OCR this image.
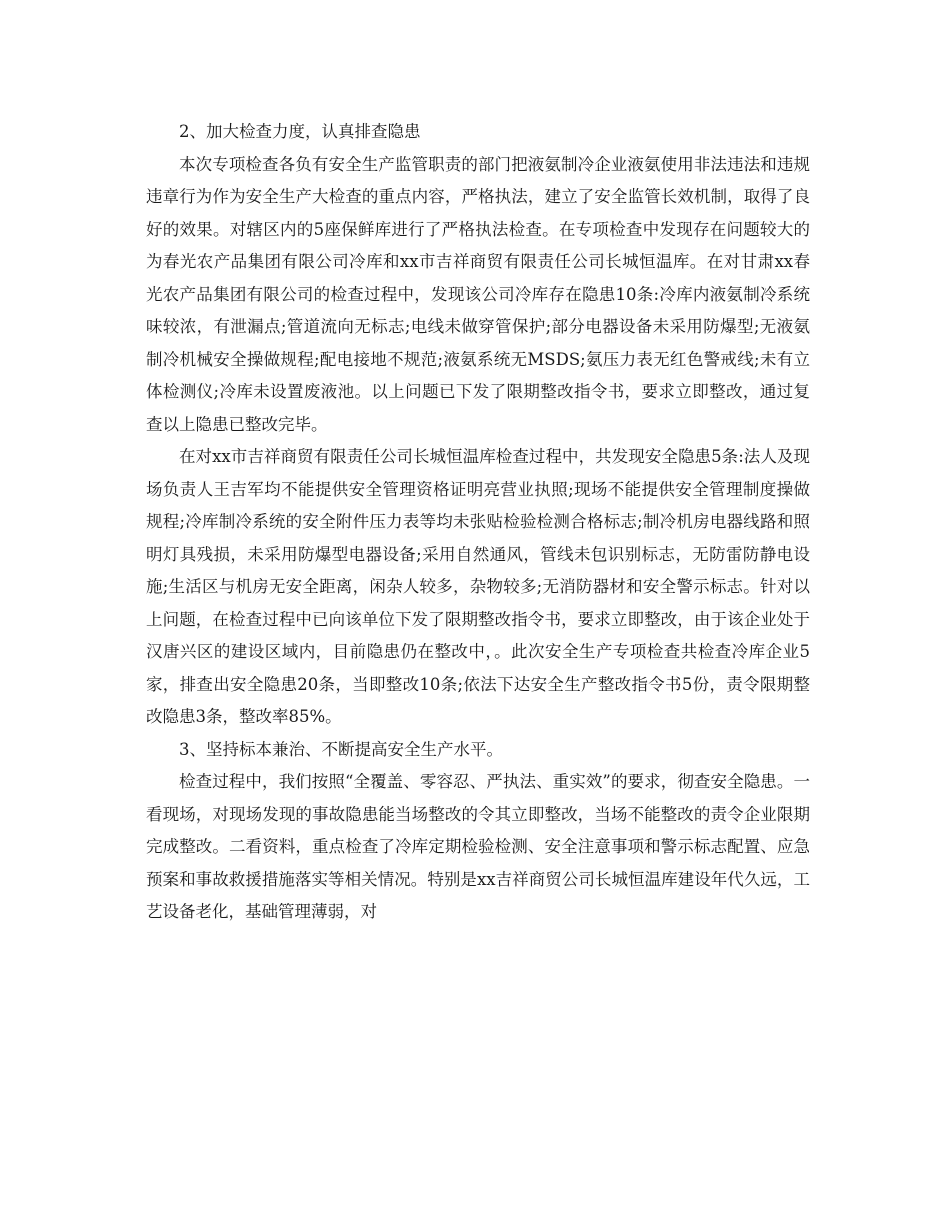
2、加大检查力度，认真排查隐患

本次专项检查各负有安全生产监管职责的部门把液氨制冷企业液氨使用非法违法和违规违章行为作为安全生产大检查的重点内容，严格执法，建立了安全监管长效机制，取得了良好的效果。对辖区内的5座保鲜库进行了严格执法检查。在专项检查中发现存在问题较大的为春光农产品集团有限公司冷库和xx市吉祥商贸有限责任公司长城恒温库。在对甘肃xx春光农产品集团有限公司的检查过程中，发现该公司冷库存在隐患10条:冷库内液氨制冷系统味较浓，有泄漏点;管道流向无标志;电线未做穿管保护;部分电器设备未采用防爆型;无液氨制冷机械安全操做规程;配电接地不规范;液氨系统无MSDS;氨压力表无红色警戒线;未有立体检测仪;冷库未设置废液池。以上问题已下发了限期整改指令书，要求立即整改，通过复查以上隐患已整改完毕。

在对xx市吉祥商贸有限责任公司长城恒温库检查过程中，共发现安全隐患5条:法人及现场负责人王吉军均不能提供安全管理资格证明亮营业执照;现场不能提供安全管理制度操做规程;冷库制冷系统的安全附件压力表等均未张贴检验检测合格标志;制冷机房电器线路和照明灯具残损，未采用防爆型电器设备;采用自然通风，管线未包识别标志，无防雷防静电设施;生活区与机房无安全距离，闲杂人较多，杂物较多;无消防器材和安全警示标志。针对以上问题，在检查过程中已向该单位下发了限期整改指令书，要求立即整改，由于该企业处于汉唐兴区的建设区域内，目前隐患仍在整改中，。此次安全生产专项检查共检查冷库企业5家，排查出安全隐患20条，当即整改10条;依法下达安全生产整改指令书5份，责令限期整改隐患3条，整改率85%。

3、坚持标本兼治、不断提高安全生产水平。

检查过程中，我们按照“全覆盖、零容忍、严执法、重实效”的要求，彻查安全隐患。一看现场，对现场发现的事故隐患能当场整改的令其立即整改，当场不能整改的责令企业限期完成整改。二看资料，重点检查了冷库定期检验检测、安全注意事项和警示标志配置、应急预案和事故救援措施落实等相关情况。特别是xx吉祥商贸公司长城恒温库建设年代久远，工艺设备老化，基础管理薄弱，对
